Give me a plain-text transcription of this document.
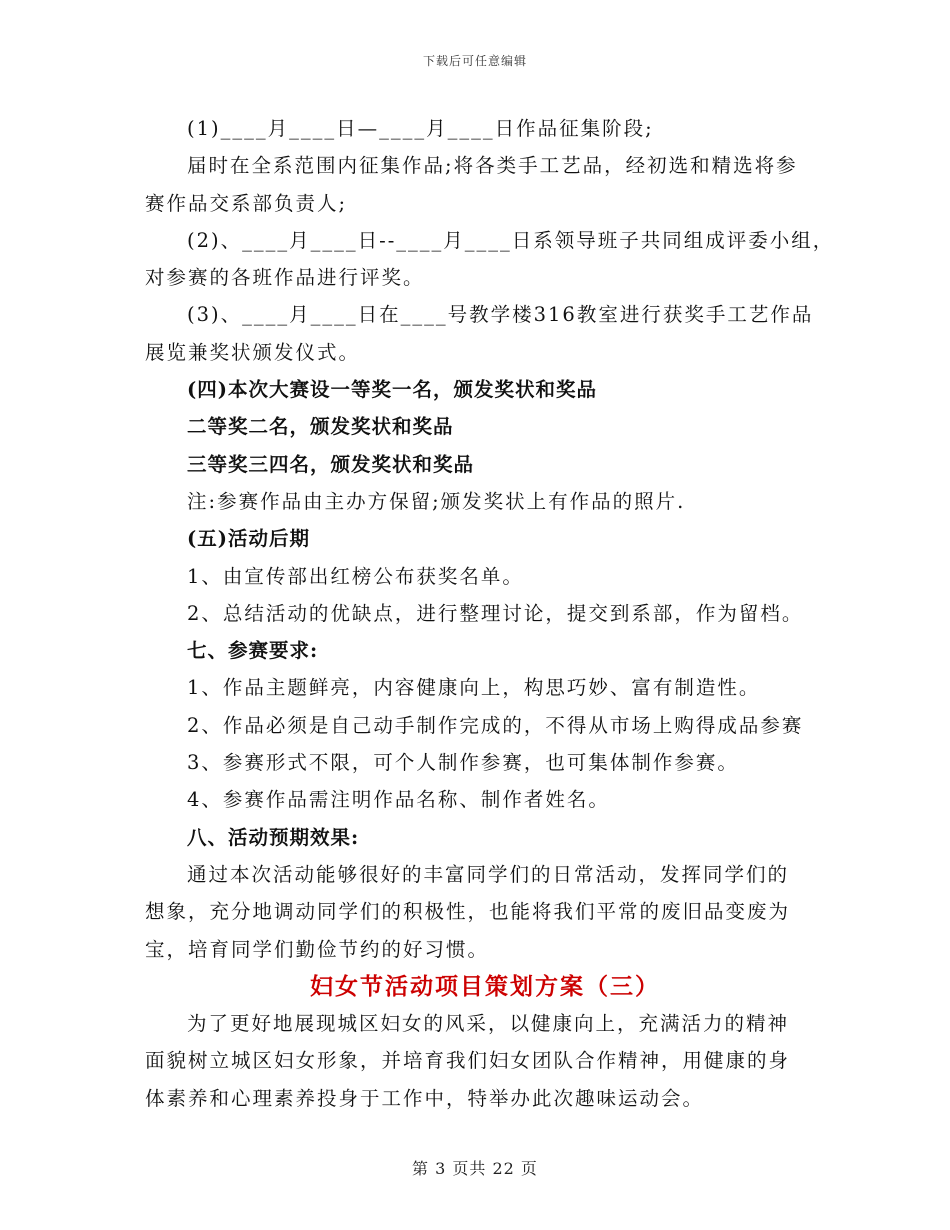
下载后可任意编辑
(1)____月____日—____月____日作品征集阶段;
届时在全系范围内征集作品;将各类手工艺品，经初选和精选将参
赛作品交系部负责人;
(2)、____月____日--____月____日系领导班子共同组成评委小组，
对参赛的各班作品进行评奖。
(3)、____月____日在____号教学楼316教室进行获奖手工艺作品
展览兼奖状颁发仪式。
(四)本次大赛设一等奖一名，颁发奖状和奖品
二等奖二名，颁发奖状和奖品
三等奖三四名，颁发奖状和奖品
注:参赛作品由主办方保留;颁发奖状上有作品的照片.
(五)活动后期
1、由宣传部出红榜公布获奖名单。
2、总结活动的优缺点，进行整理讨论，提交到系部，作为留档。
七、参赛要求:
1、作品主题鲜亮，内容健康向上，构思巧妙、富有制造性。
2、作品必须是自己动手制作完成的，不得从市场上购得成品参赛
3、参赛形式不限，可个人制作参赛，也可集体制作参赛。
4、参赛作品需注明作品名称、制作者姓名。
八、活动预期效果:
通过本次活动能够很好的丰富同学们的日常活动，发挥同学们的
想象，充分地调动同学们的积极性，也能将我们平常的废旧品变废为
宝，培育同学们勤俭节约的好习惯。
妇女节活动项目策划方案（三）
为了更好地展现城区妇女的风采，以健康向上，充满活力的精神
面貌树立城区妇女形象，并培育我们妇女团队合作精神，用健康的身
体素养和心理素养投身于工作中，特举办此次趣味运动会。
第 3 页共 22 页
